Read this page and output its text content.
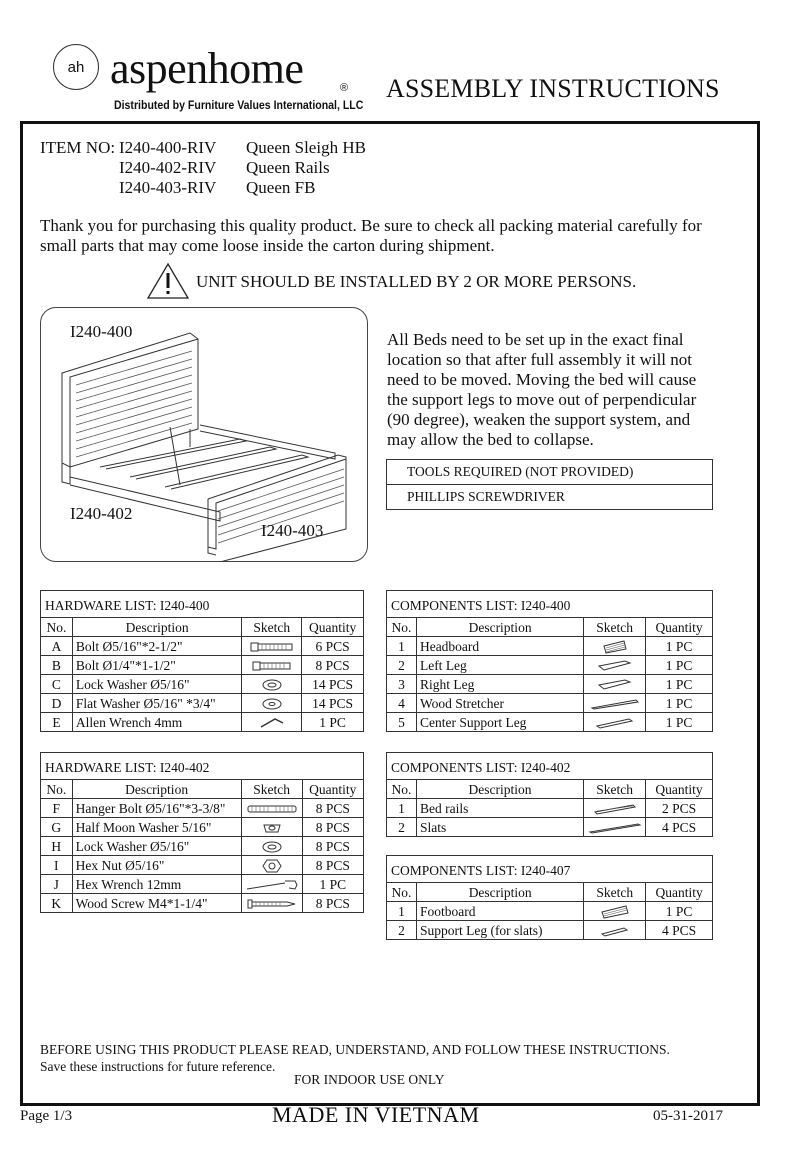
ah aspenhome	®
Distributed by Furniture Values International, LLC
ASSEMBLY INSTRUCTIONS
ITEM NO: I240-400-RIV Queen Sleigh HB
I240-402-RIV Queen Rails
I240-403-RIV Queen FB
Thank you for purchasing this quality product. Be sure to check all packing material carefully for small parts that may come loose inside the carton during shipment.
UNIT SHOULD BE INSTALLED BY 2 OR MORE PERSONS.
I240-400
I240-402
I240-403
All Beds need to be set up in the exact final location so that after full assembly it will not need to be moved. Moving the bed will cause the support legs to move out of perpendicular (90 degree), weaken the support system, and may allow the bed to collapse.
TOOLS REQUIRED (NOT PROVIDED)
PHILLIPS SCREWDRIVER
HARDWARE LIST: I240-400			
No.	Description	Sketch	Quantity
A	Bolt Ø5/16"*2-1/2"		6 PCS
B	Bolt Ø1/4"*1-1/2"		8 PCS
C	Lock Washer Ø5/16"		14 PCS
D	Flat Washer Ø5/16" *3/4"		14 PCS
E	Allen Wrench 4mm		1 PC
HARDWARE LIST: I240-402			
No.	Description	Sketch	Quantity
F	Hanger Bolt Ø5/16"*3-3/8"		8 PCS
G	Half Moon Washer 5/16"		8 PCS
H	Lock Washer Ø5/16"		8 PCS
I	Hex Nut Ø5/16"		8 PCS
J	Hex Wrench 12mm		1 PC
K	Wood Screw M4*1-1/4"		8 PCS
COMPONENTS LIST: I240-400			
No.	Description	Sketch	Quantity
1	Headboard		1 PC
2	Left Leg		1 PC
3	Right Leg		1 PC
4	Wood Stretcher		1 PC
5	Center Support Leg		1 PC
COMPONENTS LIST: I240-402			
No.	Description	Sketch	Quantity
1	Bed rails		2 PCS
2	Slats		4 PCS
COMPONENTS LIST: I240-407			
No.	Description	Sketch	Quantity
1	Footboard		1 PC
2	Support Leg (for slats)		4 PCS
BEFORE USING THIS PRODUCT PLEASE READ, UNDERSTAND, AND FOLLOW THESE INSTRUCTIONS.
Save these instructions for future reference.
FOR INDOOR USE ONLY
Page 1/3	MADE IN VIETNAM	05-31-2017
